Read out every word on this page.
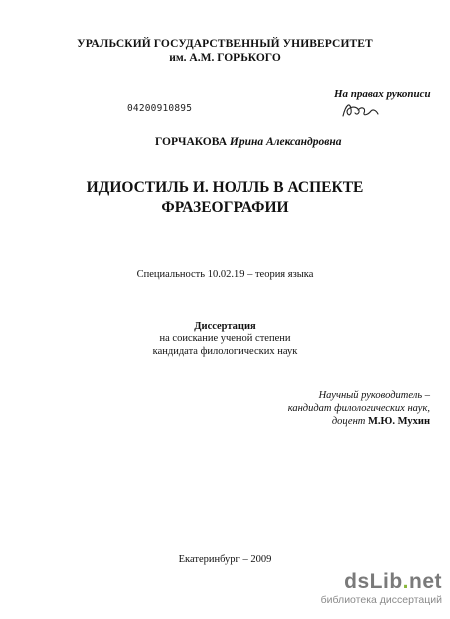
УРАЛЬСКИЙ ГОСУДАРСТВЕННЫЙ УНИВЕРСИТЕТ
им. А.М. ГОРЬКОГО
На правах рукописи
04200910895
ГОРЧАКОВА Ирина Александровна
ИДИОСТИЛЬ И. НОЛЛЬ В АСПЕКТЕ
ФРАЗЕОГРАФИИ
Специальность 10.02.19 – теория языка
Диссертация
на соискание ученой степени
кандидата филологических наук
Научный руководитель –
кандидат филологических наук,
доцент М.Ю. Мухин
Екатеринбург – 2009
dsLib.net
библиотека диссертаций
